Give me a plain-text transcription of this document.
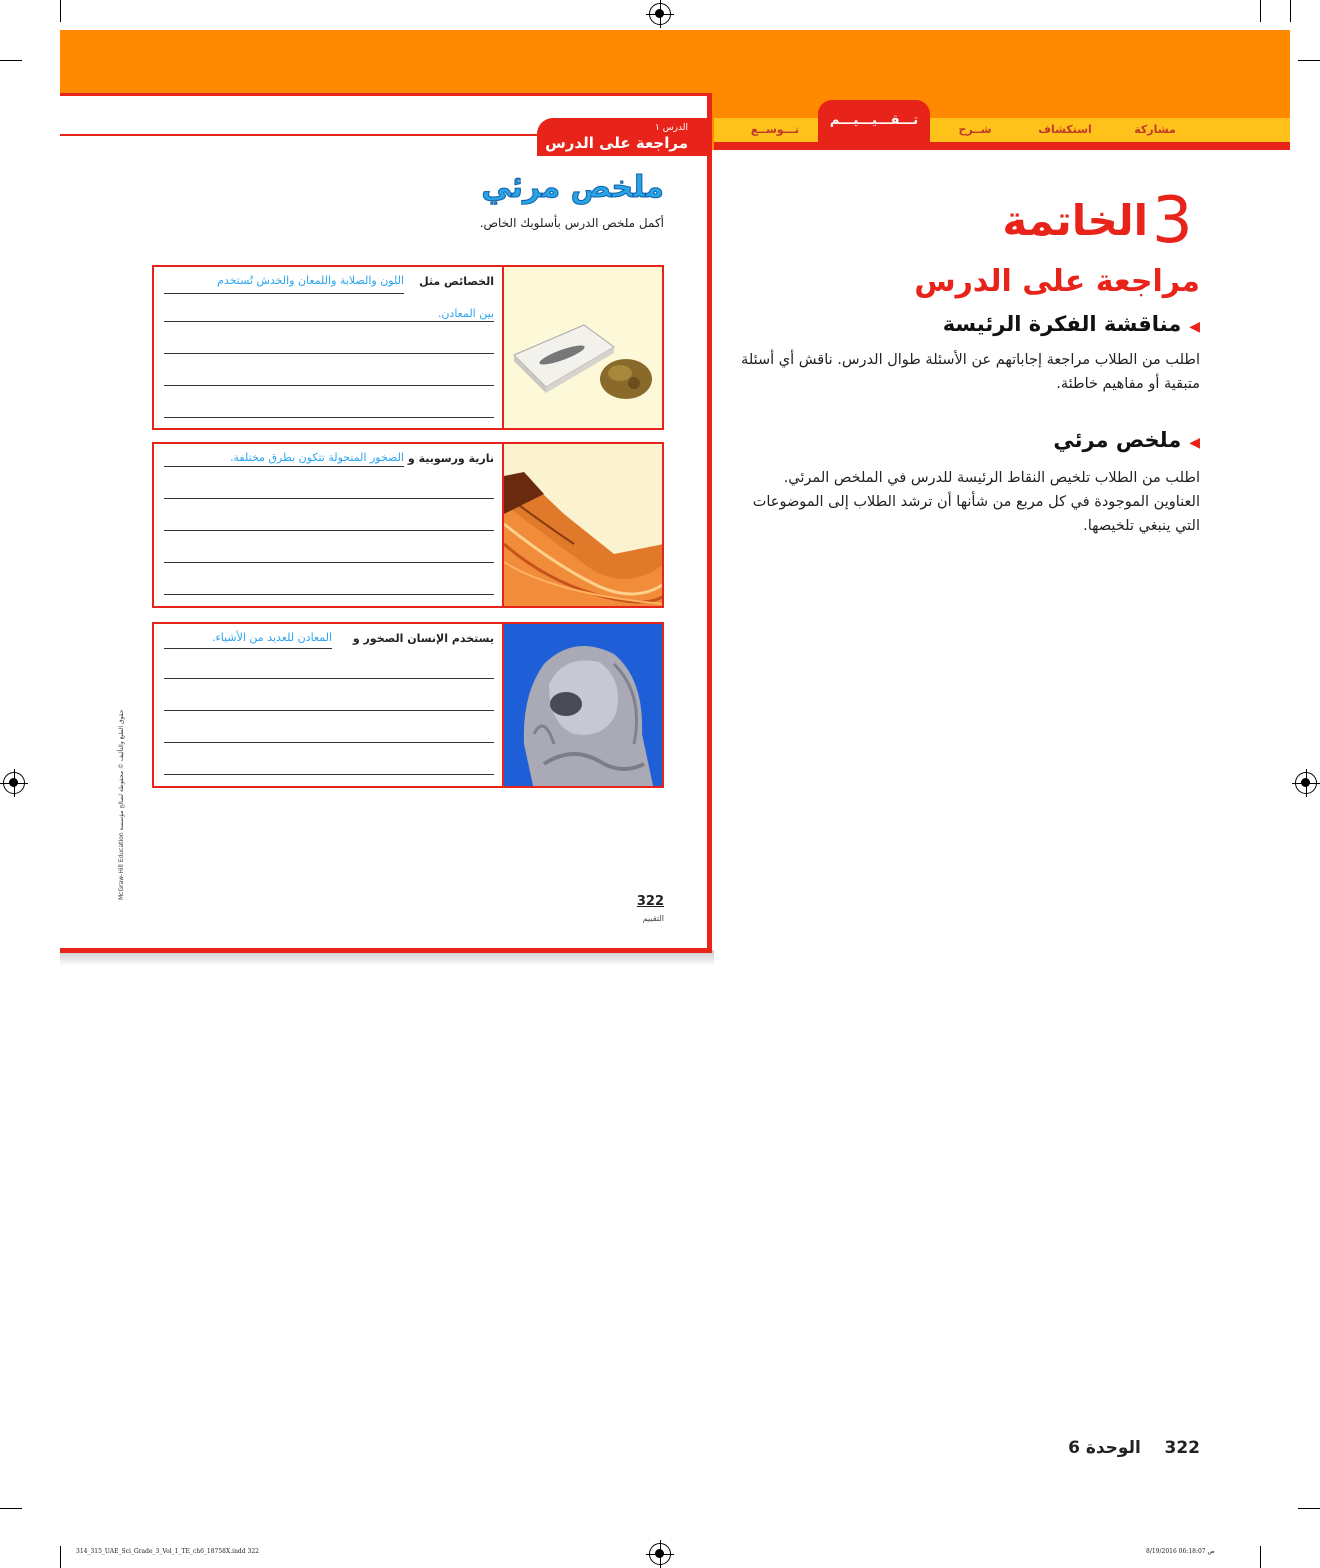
مشاركة
استكشاف
شــرح
تـــقـــيـــيـــم
تـــوســع
الدرس ١
مراجعة على الدرس
ملخص مرئي
أكمل ملخص الدرس بأسلوبك الخاص.
الخصائص مثل
اللون والصلابة واللمعان والخدش تُستخدم
بين المعادن.
نارية ورسوبية و
الصخور المتحولة تتكون بطرق مختلفة.
يستخدم الإنسان الصخور و
المعادن للعديد من الأشياء.
McGraw-Hill Education حقوق الطبع والتأليف © محفوظة لصالح مؤسسة
322
التقييم
3
الخاتمة
مراجعة على الدرس
◀مناقشة الفكرة الرئيسة
اطلب من الطلاب مراجعة إجاباتهم عن الأسئلة طوال الدرس. ناقش أي أسئلة متبقية أو مفاهيم خاطئة.
◀ملخص مرئي
اطلب من الطلاب تلخيص النقاط الرئيسة للدرس في الملخص المرئي. العناوين الموجودة في كل مربع من شأنها أن ترشد الطلاب إلى الموضوعات التي ينبغي تلخيصها.
322    الوحدة 6
314_315_UAE_Sci_Grade_3_Vol_1_TE_ch6_18758X.indd 322	8/19/2016 06:18:07 ص
